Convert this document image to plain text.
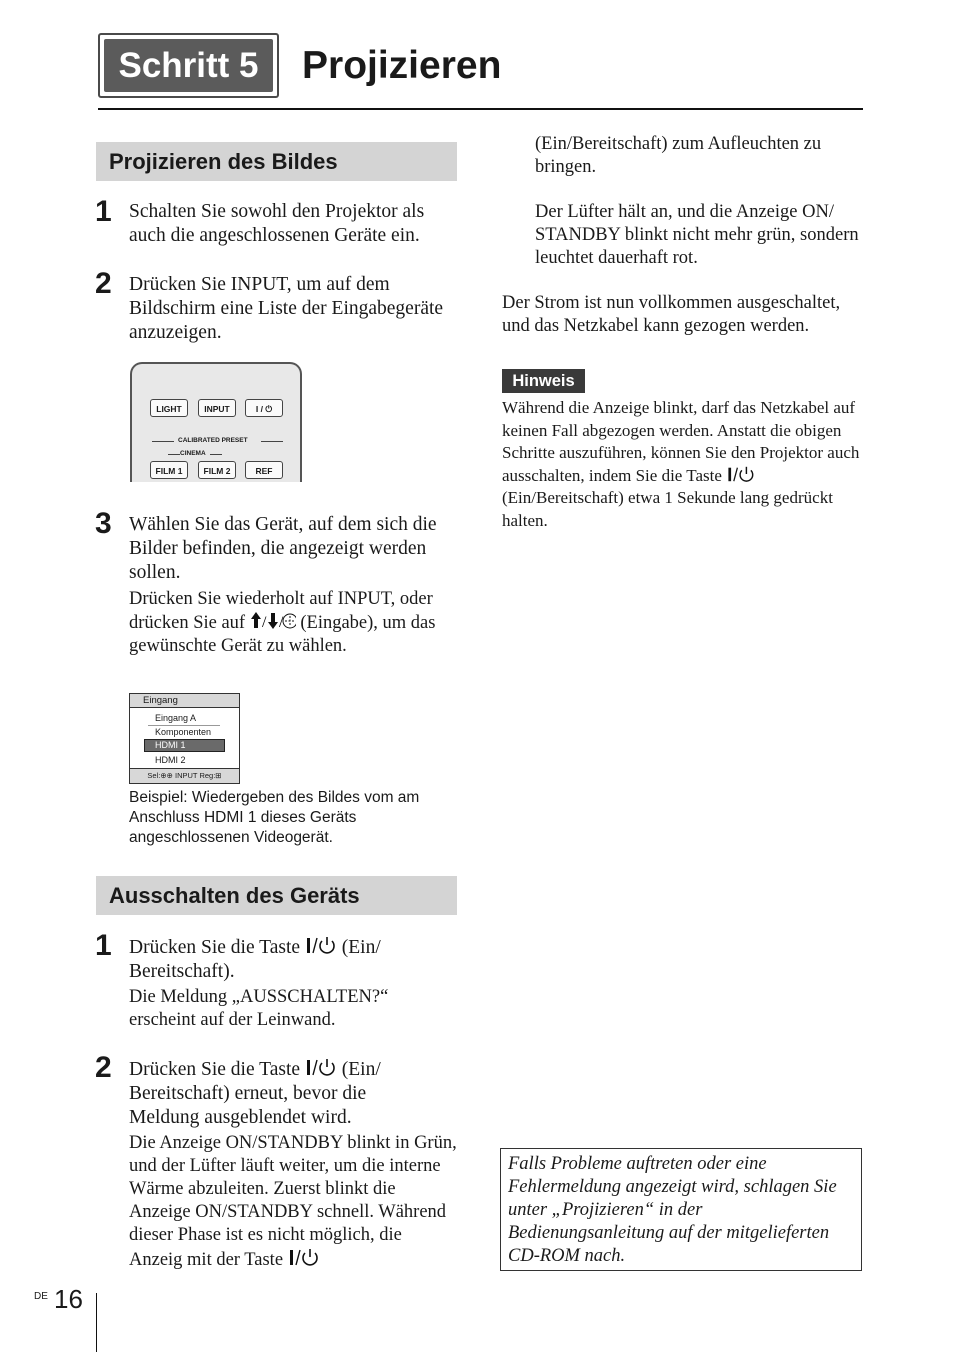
Schritt 5	Projizieren
Projizieren des Bildes
1 Schalten Sie sowohl den Projektor als auch die angeschlossenen Geräte ein.
2 Drücken Sie INPUT, um auf dem Bildschirm eine Liste der Eingabegeräte anzuzeigen.
LIGHT	INPUT	I / ⏻
CALIBRATED PRESET
CINEMA
FILM 1	FILM 2	REF
3 Wählen Sie das Gerät, auf dem sich die Bilder befinden, die angezeigt werden sollen.
Drücken Sie wiederholt auf INPUT, oder drücken Sie auf / / (Eingabe), um das gewünschte Gerät zu wählen.
Eingang
Eingang A
Komponenten
HDMI 1
HDMI 2
Sel:⊕⊕ INPUT Reg:⊞
Beispiel: Wiedergeben des Bildes vom am Anschluss HDMI 1 dieses Geräts angeschlossenen Videogerät.
Ausschalten des Geräts
1 Drücken Sie die Taste (Ein/
Bereitschaft).
Die Meldung „AUSSCHALTEN?“ erscheint auf der Leinwand.
2 Drücken Sie die Taste (Ein/ Bereitschaft) erneut, bevor die Meldung ausgeblendet wird.
Die Anzeige ON/STANDBY blinkt in Grün, und der Lüfter läuft weiter, um die interne Wärme abzuleiten. Zuerst blinkt die Anzeige ON/STANDBY schnell. Während dieser Phase ist es nicht möglich, die Anzeig mit der Taste
(Ein/Bereitschaft) zum Aufleuchten zu bringen.
Der Lüfter hält an, und die Anzeige ON/ STANDBY blinkt nicht mehr grün, sondern leuchtet dauerhaft rot.
Der Strom ist nun vollkommen ausgeschaltet, und das Netzkabel kann gezogen werden.
Hinweis
Während die Anzeige blinkt, darf das Netzkabel auf keinen Fall abgezogen werden. Anstatt die obigen Schritte auszuführen, können Sie den Projektor auch ausschalten, indem Sie die Taste  (Ein/Bereitschaft) etwa 1 Sekunde lang gedrückt halten.
Falls Probleme auftreten oder eine Fehlermeldung angezeigt wird, schlagen Sie unter „Projizieren“ in der Bedienungsanleitung auf der mitgelieferten CD-ROM nach.
DE 16
